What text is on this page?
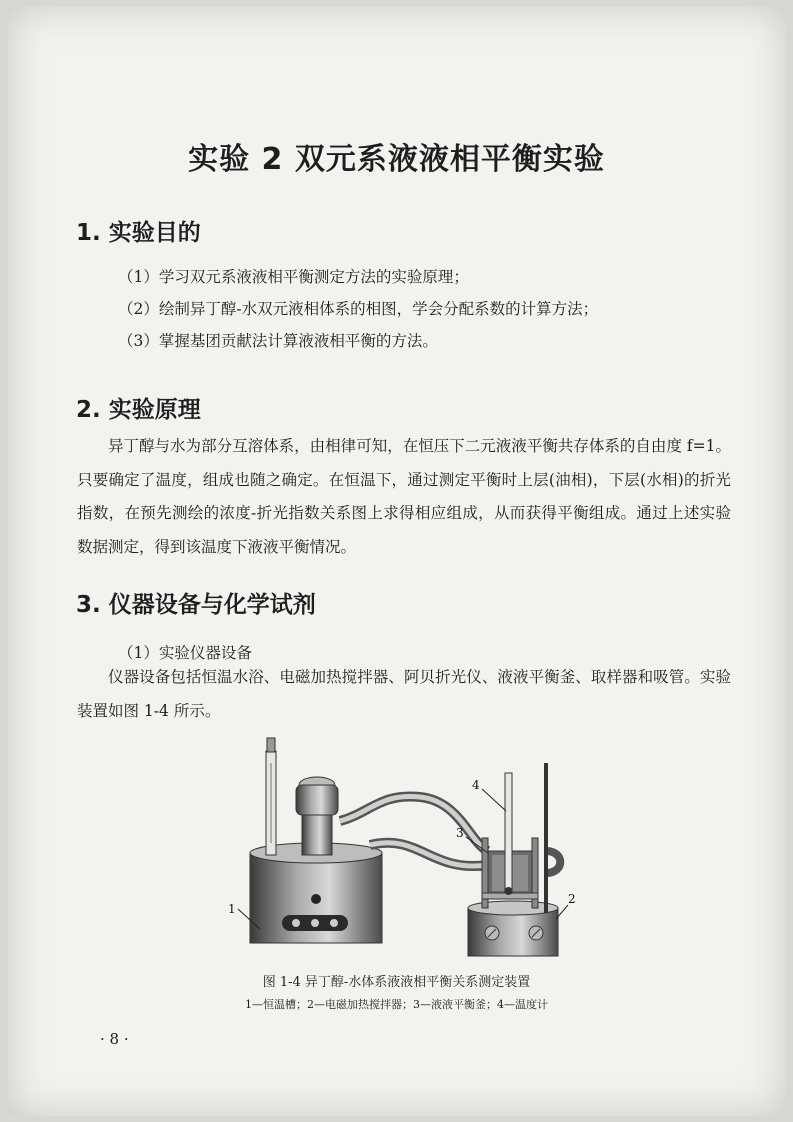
实验 2 双元系液液相平衡实验
1. 实验目的
（1）学习双元系液液相平衡测定方法的实验原理；
（2）绘制异丁醇-水双元液相体系的相图，学会分配系数的计算方法；
（3）掌握基团贡献法计算液液相平衡的方法。
2. 实验原理
异丁醇与水为部分互溶体系，由相律可知，在恒压下二元液液平衡共存体系的自由度 f=1。只要确定了温度，组成也随之确定。在恒温下，通过测定平衡时上层(油相)，下层(水相)的折光指数，在预先测绘的浓度-折光指数关系图上求得相应组成，从而获得平衡组成。通过上述实验数据测定，得到该温度下液液平衡情况。
3. 仪器设备与化学试剂
（1）实验仪器设备
仪器设备包括恒温水浴、电磁加热搅拌器、阿贝折光仪、液液平衡釜、取样器和吸管。实验装置如图 1-4 所示。
1
2
3
4
图 1-4 异丁醇-水体系液液相平衡关系测定装置
1—恒温槽；2—电磁加热搅拌器；3—液液平衡釜；4—温度计
· 8 ·
